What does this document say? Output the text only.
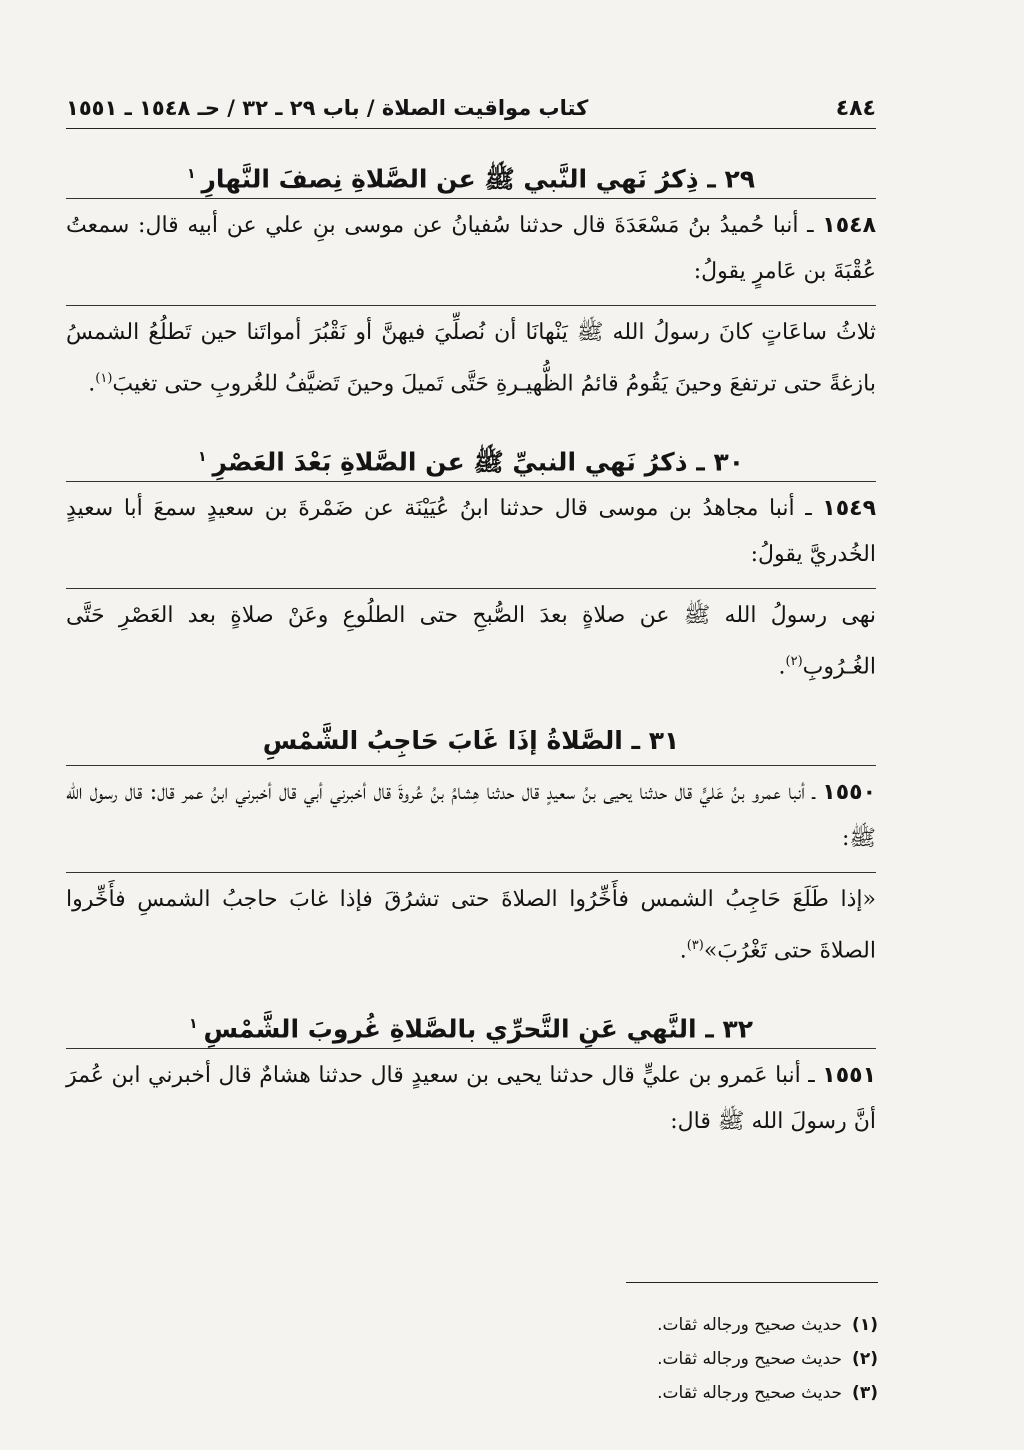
٤٨٤
كتاب مواقيت الصلاة / باب ٢٩ ـ ٣٢ / حـ ١٥٤٨ ـ ١٥٥١
٢٩ ـ ذِكرُ نَهي النَّبي ﷺ عن الصَّلاةِ نِصفَ النَّهارِ$^١$

١٥٤٨ ـ أنبا حُميدُ بنُ مَسْعَدَةَ قال حدثنا سُفيانُ عن موسى بنِ علي عن أبيه قال: سمعتُ عُقْبَةَ بن عَامرٍ يقولُ:

ثلاثُ ساعَاتٍ كانَ رسولُ الله ﷺ يَنْهانَا أن نُصلِّيَ فيهنَّ أو نَقْبُرَ أمواتَنا حين تَطلُعُ الشمسُ بازغةً حتى ترتفعَ وحينَ يَقُومُ قائمُ الظُّهيـرةِ حَتَّى تَميلَ وحينَ تَضيَّفُ للغُروبِ حتى تغيبَ$^{(١)}$.

٣٠ ـ ذكرُ نَهي النبيِّ ﷺ عن الصَّلاةِ بَعْدَ العَصْرِ$^١$

١٥٤٩ ـ أنبا مجاهدُ بن موسى قال حدثنا ابنُ عُيَيْنَة عن ضَمْرةَ بن سعيدٍ سمعَ أبا سعيدٍ الخُدريَّ يقولُ:

نهى رسولُ الله ﷺ عن صلاةٍ بعدَ الصُّبحِ حتى الطلُوعِ وعَنْ صلاةٍ بعد العَصْرِ حَتَّى الغُـرُوبِ$^{(٢)}$.

٣١ ـ الصَّلاةُ إذَا غَابَ حَاجِبُ الشَّمْسِ

١٥٥٠ ـ أنبا عمرو بنُ عَليٍّ قال حدثنا يحيى بنُ سعيدٍ قال حدثنا هِشامُ بنُ عُروةَ قال أخبرني أبي قال أخبرني ابنُ عمر قال: قال رسول الله ﷺ:

«إذا طَلَعَ حَاجِبُ الشمس فأَخِّرُوا الصلاةَ حتى تشرُقَ فإذا غابَ حاجبُ الشمسِ فأَخِّروا الصلاةَ حتى تَغْرُبَ»$^{(٣)}$.

٣٢ ـ النَّهي عَنِ التَّحرِّي بالصَّلاةِ غُروبَ الشَّمْسِ$^١$

١٥٥١ ـ أنبا عَمرو بن عليٍّ قال حدثنا يحيى بن سعيدٍ قال حدثنا هشامٌ قال أخبرني ابن عُمرَ أنَّ رسولَ الله ﷺ قال:

(١)حديث صحيح ورجاله ثقات.
(٢)حديث صحيح ورجاله ثقات.
(٣)حديث صحيح ورجاله ثقات.
